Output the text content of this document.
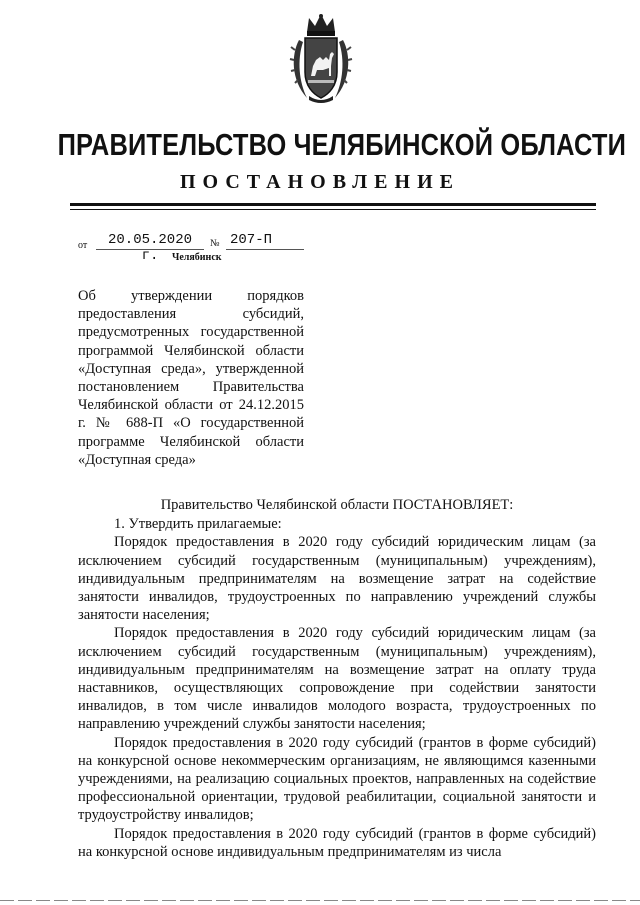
ПРАВИТЕЛЬСТВО ЧЕЛЯБИНСКОЙ ОБЛАСТИ
ПОСТАНОВЛЕНИЕ
от	20.05.2020 г.
№ 207-П
Челябинск

Об утверждении порядков предоставления субсидий, предусмотренных государственной программой Челябинской области «Доступная среда», утвержденной постановлением Правительства Челябинской области от 24.12.2015 г. № 688-П «О государственной программе Челябинской области «Доступная среда»

Правительство Челябинской области ПОСТАНОВЛЯЕТ:

1. Утвердить прилагаемые:

Порядок предоставления в 2020 году субсидий юридическим лицам (за исключением субсидий государственным (муниципальным) учреждениям), индивидуальным предпринимателям на возмещение затрат на содействие занятости инвалидов, трудоустроенных по направлению учреждений службы занятости населения;

Порядок предоставления в 2020 году субсидий юридическим лицам (за исключением субсидий государственным (муниципальным) учреждениям), индивидуальным предпринимателям на возмещение затрат на оплату труда наставников, осуществляющих сопровождение при содействии занятости инвалидов, в том числе инвалидов молодого возраста, трудоустроенных по направлению учреждений службы занятости населения;

Порядок предоставления в 2020 году субсидий (грантов в форме субсидий) на конкурсной основе некоммерческим организациям, не являющимся казенными учреждениями, на реализацию социальных проектов, направленных на содействие профессиональной ориентации, трудовой реабилитации, социальной занятости и трудоустройству инвалидов;

Порядок предоставления в 2020 году субсидий (грантов в форме субсидий) на конкурсной основе индивидуальным предпринимателям из числа
